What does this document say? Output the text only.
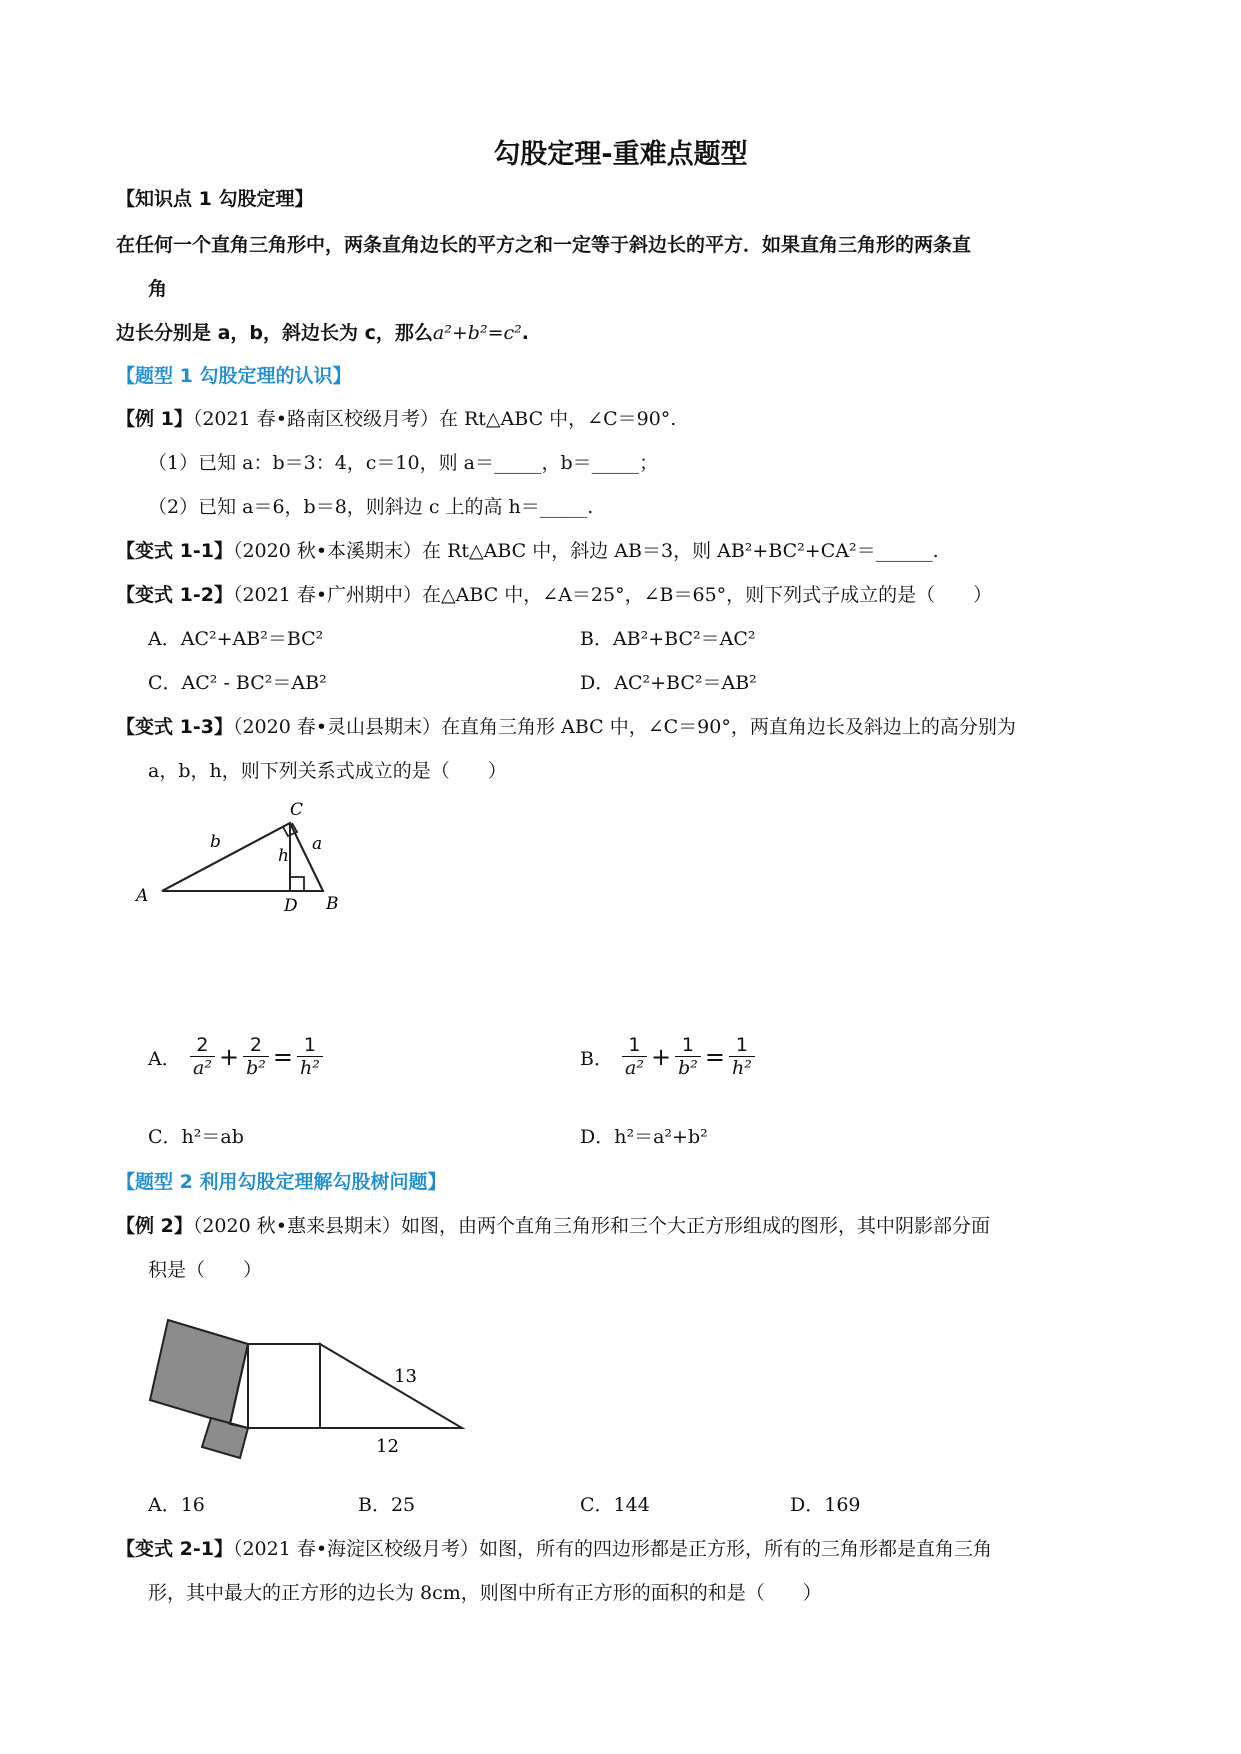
勾股定理-重难点题型
【知识点 1 勾股定理】
在任何一个直角三角形中，两条直角边长的平方之和一定等于斜边长的平方．如果直角三角形的两条直
角
边长分别是 a，b，斜边长为 c，那么a²+b²=c².
【题型 1 勾股定理的认识】
【例 1】（2021 春•路南区校级月考）在 Rt△ABC 中，∠C＝90°.
（1）已知 a：b＝3：4，c＝10，则 a＝_____，b＝_____；
（2）已知 a＝6，b＝8，则斜边 c 上的高 h＝_____.
【变式 1-1】（2020 秋•本溪期末）在 Rt△ABC 中，斜边 AB＝3，则 AB²+BC²+CA²＝______.
【变式 1-2】（2021 春•广州期中）在△ABC 中，∠A＝25°，∠B＝65°，则下列式子成立的是（　　）
A．AC²+AB²＝BC²	B．AB²+BC²＝AC²
C．AC² ‐ BC²＝AB²	D．AC²+BC²＝AB²
【变式 1-3】（2020 春•灵山县期末）在直角三角形 ABC 中，∠C＝90°，两直角边长及斜边上的高分别为
a，b，h，则下列关系式成立的是（　　）
C
A	B
D
a
b
h
A． $\frac{2}{\text{a²}} + \frac{2}{\text{b²}} = \frac{1}{\text{h²}}$	B． $\frac{1}{\text{a²}} + \frac{1}{\text{b²}} = \frac{1}{\text{h²}}$
C．h²＝ab	D．h²＝a²+b²
【题型 2 利用勾股定理解勾股树问题】
【例 2】（2020 秋•惠来县期末）如图，由两个直角三角形和三个大正方形组成的图形，其中阴影部分面
积是（　　）
13
12
A．16	B．25	C．144	D．169
【变式 2-1】（2021 春•海淀区校级月考）如图，所有的四边形都是正方形，所有的三角形都是直角三角
形，其中最大的正方形的边长为 8cm，则图中所有正方形的面积的和是（　　）
